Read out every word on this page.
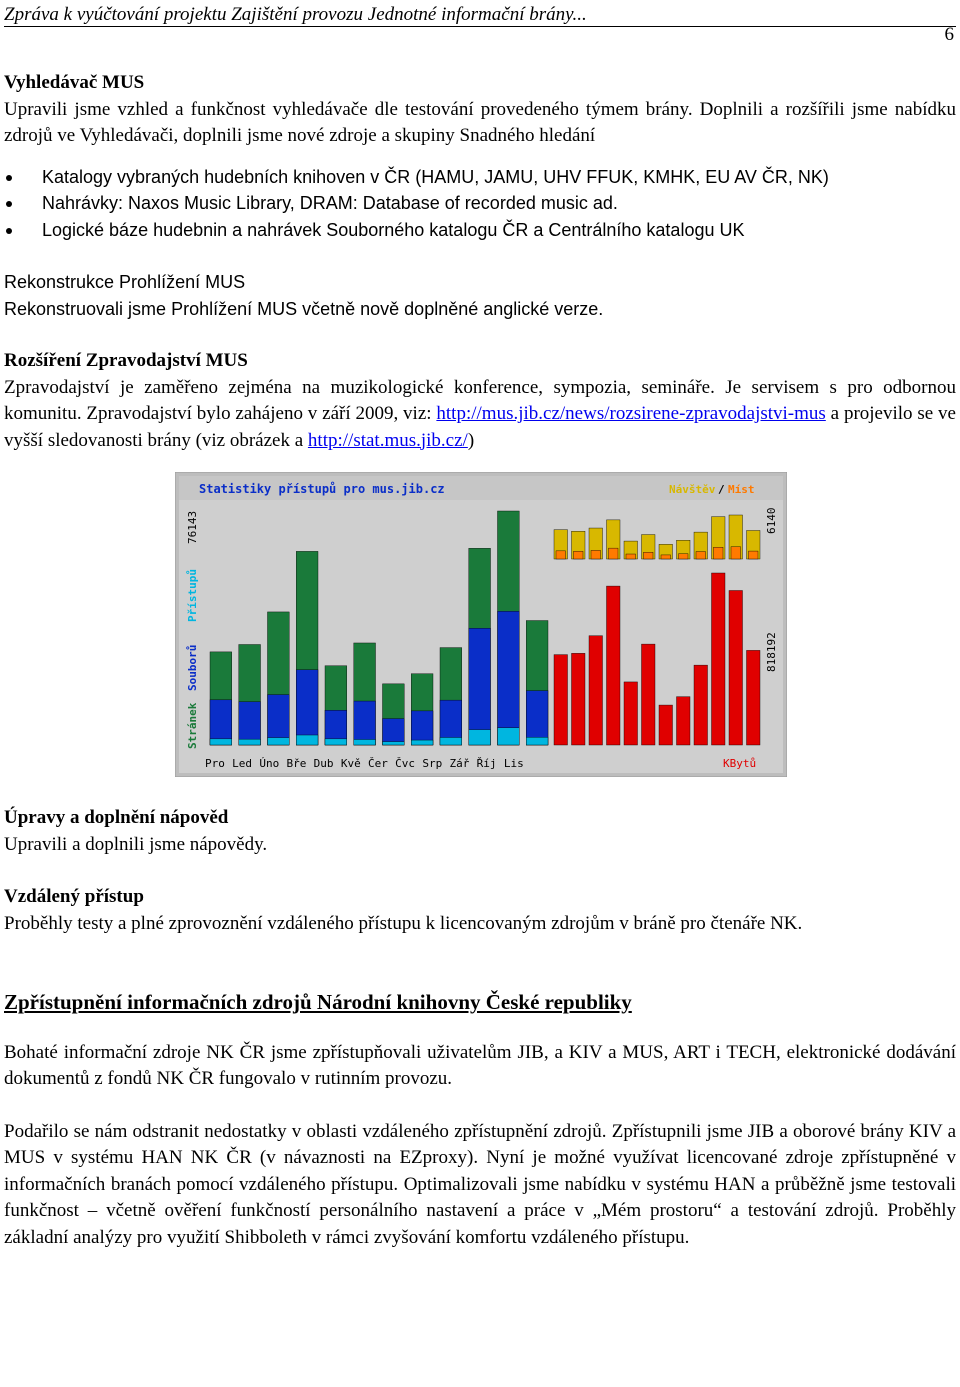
Zpráva k vyúčtování projektu Zajištění provozu Jednotné informační brány...
6
Vyhledávač MUS

Upravili jsme vzhled a funkčnost vyhledávače dle testování provedeného týmem brány. Doplnili a rozšířili jsme nabídku zdrojů ve Vyhledávači, doplnili jsme nové zdroje a skupiny Snadného hledání

Katalogy vybraných hudebních knihoven v ČR (HAMU, JAMU, UHV FFUK, KMHK, EU AV ČR, NK)
Nahrávky: Naxos Music Library, DRAM: Database of recorded music ad.
Logické báze hudebnin a nahrávek Souborného katalogu ČR a Centrálního katalogu UK
Rekonstrukce Prohlížení MUS

Rekonstruovali jsme Prohlížení MUS včetně nově doplněné anglické verze.

Rozšíření Zpravodajství MUS

Zpravodajství je zaměřeno zejména na muzikologické konference, sympozia, semináře. Je servisem s pro odbornou komunitu. Zpravodajství bylo zahájeno v září 2009, viz: http://mus.jib.cz/news/rozsirene-zpravodajstvi-mus a projevilo se ve vyšší sledovanosti brány (viz obrázek a http://stat.mus.jib.cz/)

Statistiky přístupů pro mus.jib.cz	Návštěv / Míst
Stránek
Souborů
Přístupů
76143	6140
818192
KBytů
Pro Led Úno Bře Dub Kvě Čer Čvc Srp Zář Říj Lis
Úpravy a doplnění nápověd

Upravili a doplnili jsme nápovědy.

Vzdálený přístup

Proběhly testy a plné zprovoznění vzdáleného přístupu k licencovaným zdrojům v bráně pro čtenáře NK.

Zpřístupnění informačních zdrojů Národní knihovny České republiky

Bohaté informační zdroje NK ČR jsme zpřístupňovali uživatelům JIB, a KIV a MUS, ART i TECH, elektronické dodávání dokumentů z fondů NK ČR fungovalo v rutinním provozu.

Podařilo se nám odstranit nedostatky v oblasti vzdáleného zpřístupnění zdrojů. Zpřístupnili jsme JIB a oborové brány KIV a MUS v systému HAN NK ČR (v návaznosti na EZproxy). Nyní je možné využívat licencované zdroje zpřístupněné v informačních branách pomocí vzdáleného přístupu. Optimalizovali jsme nabídku v systému HAN a průběžně jsme testovali funkčnost – včetně ověření funkčností personálního nastavení a práce v „Mém prostoru“ a testování zdrojů. Proběhly základní analýzy pro využití Shibboleth v rámci zvyšování komfortu vzdáleného přístupu.
